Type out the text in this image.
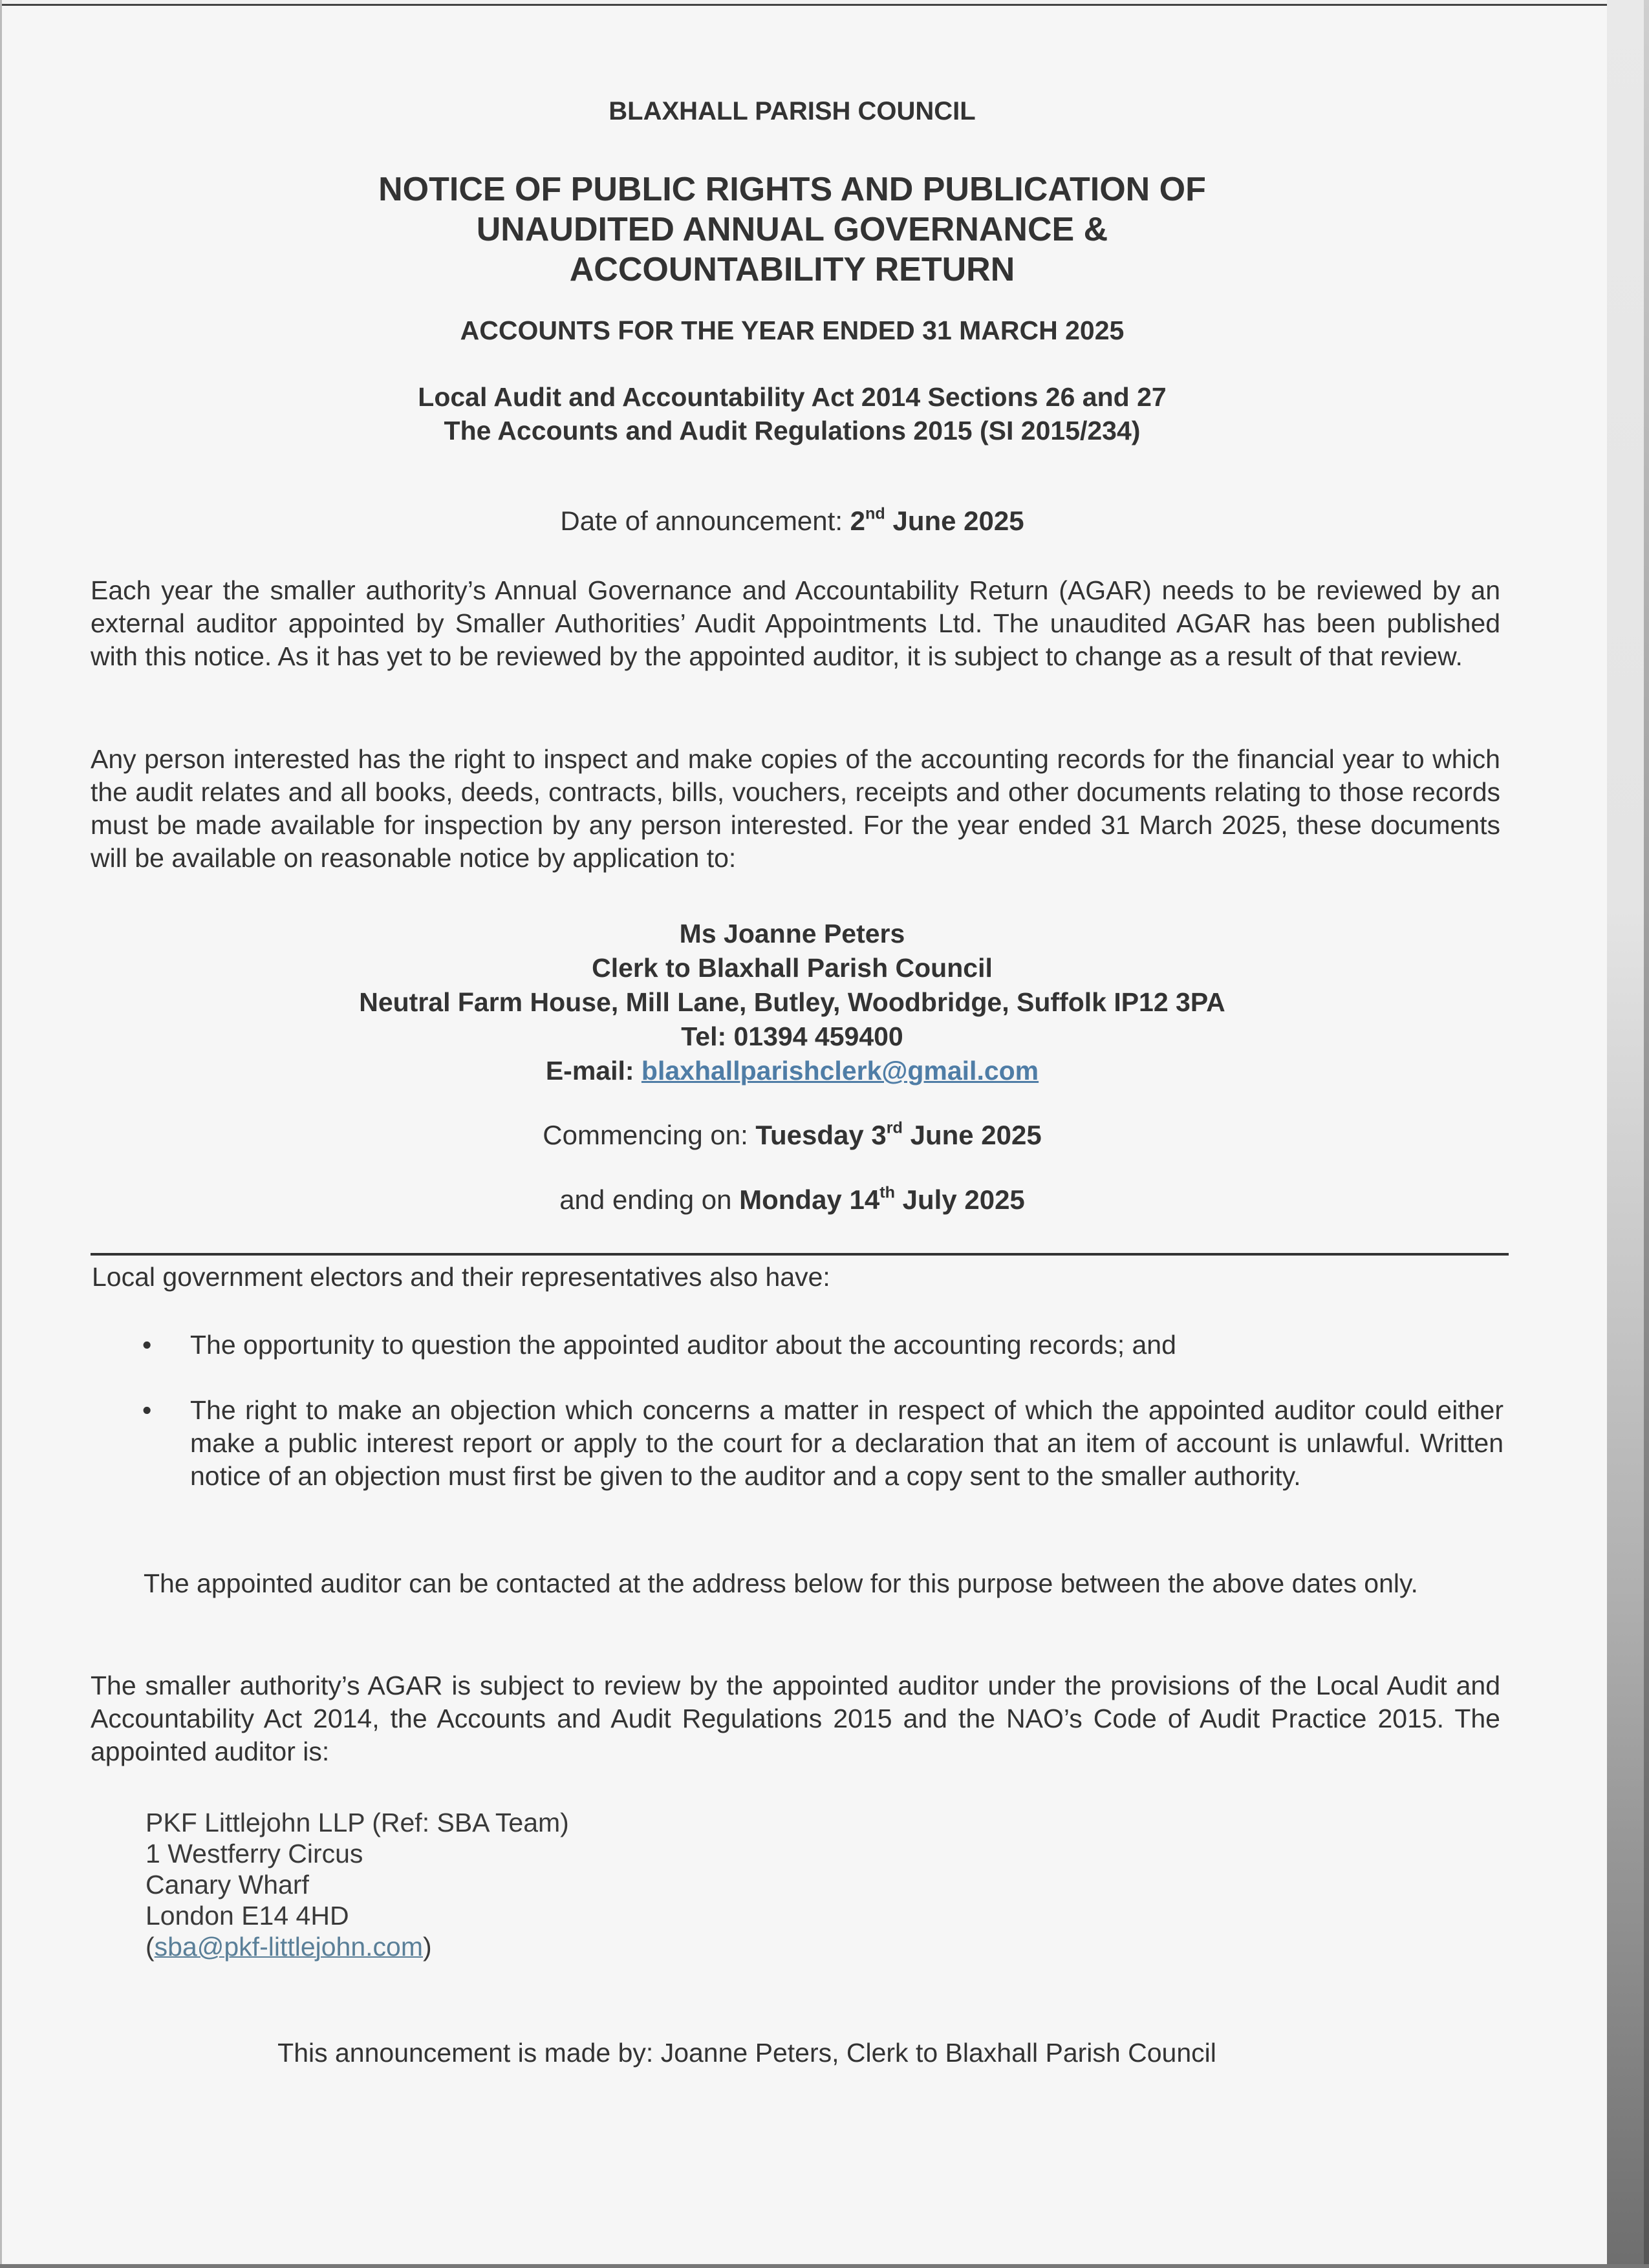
BLAXHALL PARISH COUNCIL
NOTICE OF PUBLIC RIGHTS AND PUBLICATION OF
UNAUDITED ANNUAL GOVERNANCE &
ACCOUNTABILITY RETURN
ACCOUNTS FOR THE YEAR ENDED 31 MARCH 2025
Local Audit and Accountability Act 2014 Sections 26 and 27
The Accounts and Audit Regulations 2015 (SI 2015/234)
Date of announcement: 2nd June 2025
Each year the smaller authority’s Annual Governance and Accountability Return (AGAR) needs to be reviewed by an external auditor appointed by Smaller Authorities’ Audit Appointments Ltd. The unaudited AGAR has been published with this notice. As it has yet to be reviewed by the appointed auditor, it is subject to change as a result of that review.
Any person interested has the right to inspect and make copies of the accounting records for the financial year to which the audit relates and all books, deeds, contracts, bills, vouchers, receipts and other documents relating to those records must be made available for inspection by any person interested. For the year ended 31 March 2025, these documents will be available on reasonable notice by application to:
Ms Joanne Peters
Clerk to Blaxhall Parish Council
Neutral Farm House, Mill Lane, Butley, Woodbridge, Suffolk IP12 3PA
Tel: 01394 459400
E-mail: blaxhallparishclerk@gmail.com
Commencing on: Tuesday 3rd June 2025
and ending on Monday 14th July 2025
Local government electors and their representatives also have:
• The opportunity to question the appointed auditor about the accounting records; and
• The right to make an objection which concerns a matter in respect of which the appointed auditor could either make a public interest report or apply to the court for a declaration that an item of account is unlawful. Written notice of an objection must first be given to the auditor and a copy sent to the smaller authority.
The appointed auditor can be contacted at the address below for this purpose between the above dates only.
The smaller authority’s AGAR is subject to review by the appointed auditor under the provisions of the Local Audit and Accountability Act 2014, the Accounts and Audit Regulations 2015 and the NAO’s Code of Audit Practice 2015. The appointed auditor is:
PKF Littlejohn LLP (Ref: SBA Team)
1 Westferry Circus
Canary Wharf
London E14 4HD
(sba@pkf-littlejohn.com)
This announcement is made by: Joanne Peters, Clerk to Blaxhall Parish Council
